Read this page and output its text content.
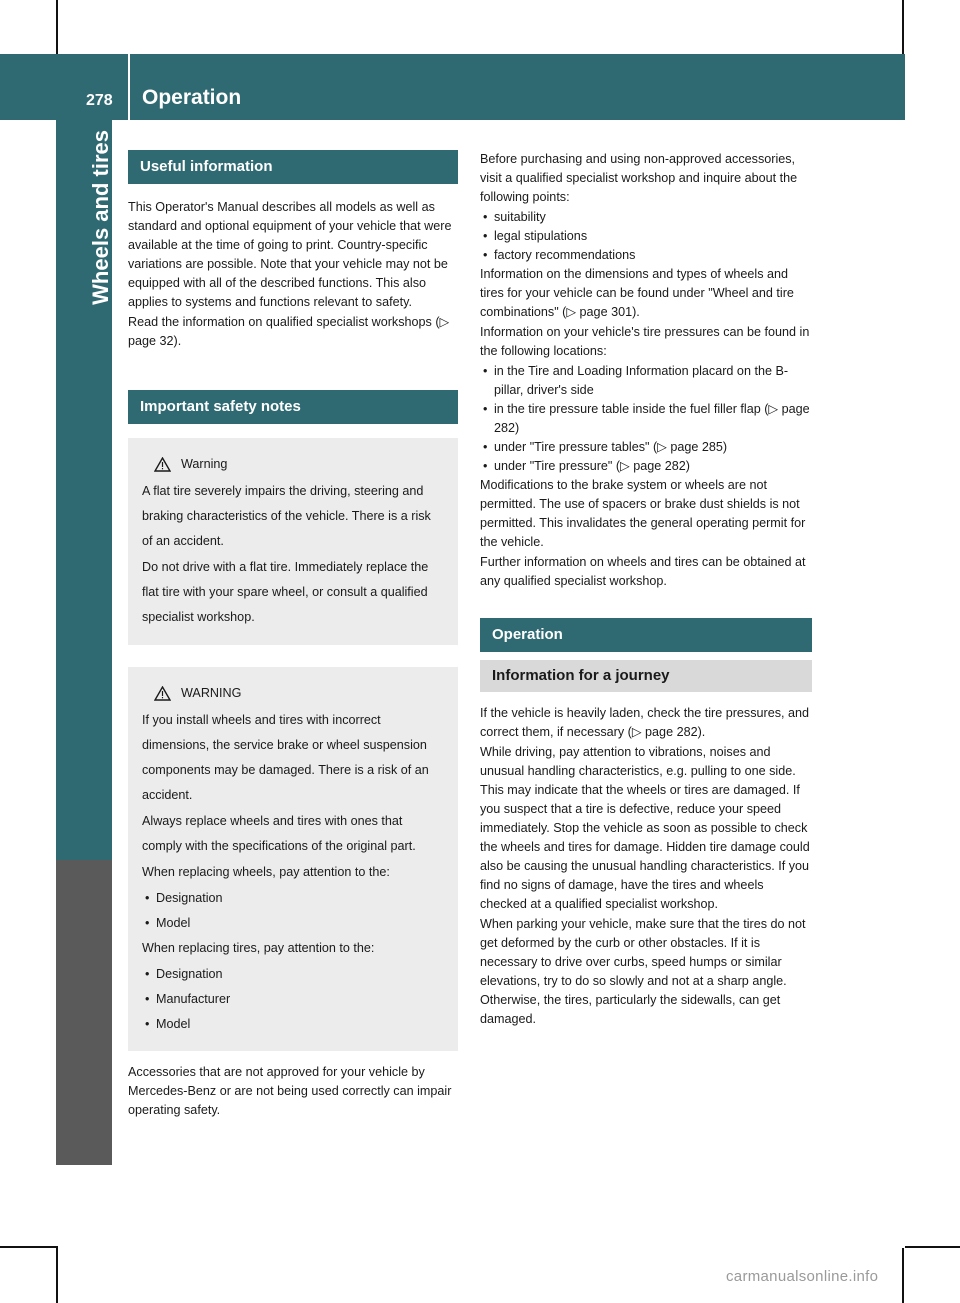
278 Operation
Wheels and tires	Useful information

This Operator's Manual describes all models as well as standard and optional equipment of your vehicle that were available at the time of going to print. Country-specific variations are possible. Note that your vehicle may not be equipped with all of the described functions. This also applies to systems and functions relevant to safety.

Read the information on qualified specialist workshops (▷ page 32).

Important safety notes
Warning

A flat tire severely impairs the driving, steering and braking characteristics of the vehicle. There is a risk of an accident.

Do not drive with a flat tire. Immediately replace the flat tire with your spare wheel, or consult a qualified specialist workshop.

WARNING

If you install wheels and tires with incorrect dimensions, the service brake or wheel suspension components may be damaged. There is a risk of an accident.

Always replace wheels and tires with ones that comply with the specifications of the original part.

When replacing wheels, pay attention to the:

• Designation
• Model

When replacing tires, pay attention to the:

• Designation
• Manufacturer
• Model

Accessories that are not approved for your vehicle by Mercedes-Benz or are not being used correctly can impair operating safety.

Before purchasing and using non-approved accessories, visit a qualified specialist workshop and inquire about the following points:

• suitability
• legal stipulations
• factory recommendations

Information on the dimensions and types of wheels and tires for your vehicle can be found under "Wheel and tire combinations" (▷ page 301).

Information on your vehicle's tire pressures can be found in the following locations:

• in the Tire and Loading Information placard on the B-pillar, driver's side
• in the tire pressure table inside the fuel filler flap (▷ page 282)
• under "Tire pressure tables" (▷ page 285)
• under "Tire pressure" (▷ page 282)

Modifications to the brake system or wheels are not permitted. The use of spacers or brake dust shields is not permitted. This invalidates the general operating permit for the vehicle.

Further information on wheels and tires can be obtained at any qualified specialist workshop.

Operation
Information for a journey

If the vehicle is heavily laden, check the tire pressures, and correct them, if necessary (▷ page 282).

While driving, pay attention to vibrations, noises and unusual handling characteristics, e.g. pulling to one side. This may indicate that the wheels or tires are damaged. If you suspect that a tire is defective, reduce your speed immediately. Stop the vehicle as soon as possible to check the wheels and tires for damage. Hidden tire damage could also be causing the unusual handling characteristics. If you find no signs of damage, have the tires and wheels checked at a qualified specialist workshop.

When parking your vehicle, make sure that the tires do not get deformed by the curb or other obstacles. If it is necessary to drive over curbs, speed humps or similar elevations, try to do so slowly and not at a sharp angle. Otherwise, the tires, particularly the sidewalls, can get damaged.

carmanualsonline.info
